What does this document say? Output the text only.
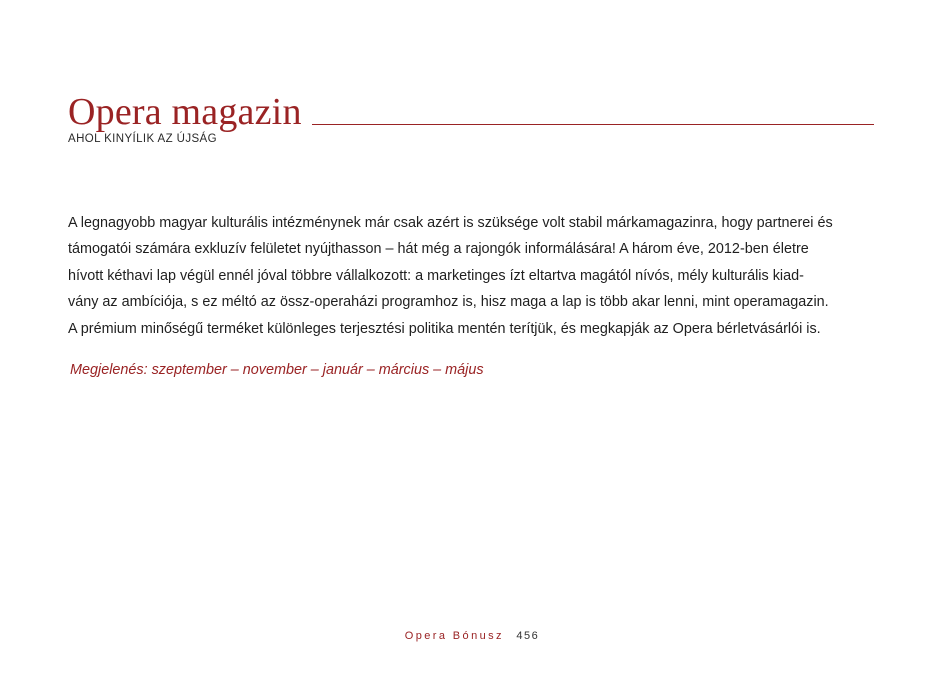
Opera magazin
AHOL KINYÍLIK AZ ÚJSÁG
A legnagyobb magyar kulturális intézménynek már csak azért is szüksége volt stabil márkamagazinra, hogy partnerei és
támogatói számára exkluzív felületet nyújthasson – hát még a rajongók informálására! A három éve, 2012-ben életre
hívott kéthavi lap végül ennél jóval többre vállalkozott: a marketinges ízt eltartva magától nívós, mély kulturális kiad-
vány az ambíciója, s ez méltó az össz-operaházi programhoz is, hisz maga a lap is több akar lenni, mint operamagazin.
A prémium minőségű terméket különleges terjesztési politika mentén terítjük, és megkapják az Opera bérletvásárlói is.
Megjelenés: szeptember – november – január – március – május
Opera Bónusz 456
